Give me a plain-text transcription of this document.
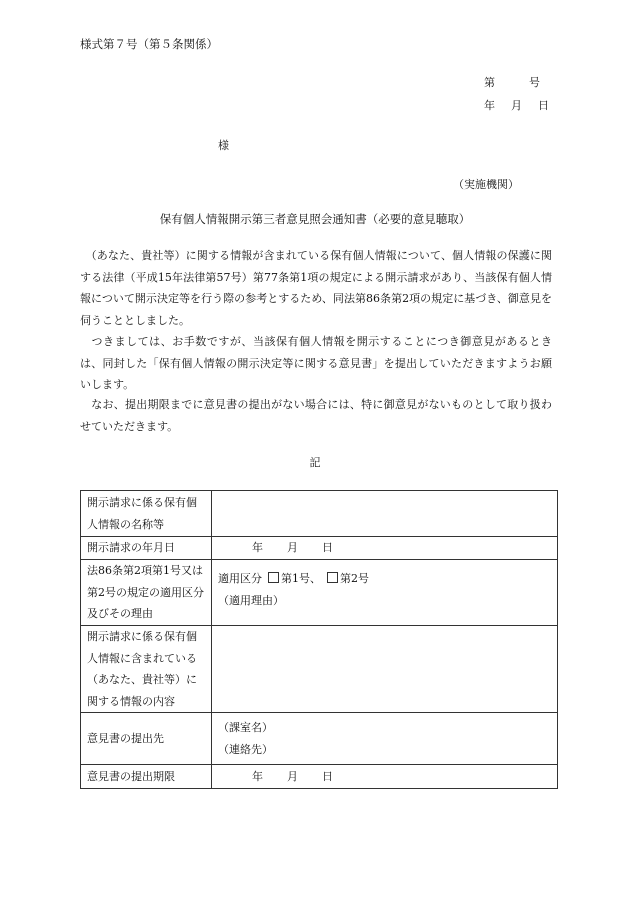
様式第７号（第５条関係）
第	号
年 月 日
様
（実施機関）
保有個人情報開示第三者意見照会通知書（必要的意見聴取）
　（あなた、貴社等）に関する情報が含まれている保有個人情報について、個人情報の保護に関する法律（平成15年法律第57号）第77条第1項の規定による開示請求があり、当該保有個人情報について開示決定等を行う際の参考とするため、同法第86条第2項の規定に基づき、御意見を伺うこととしました。
　つきましては、お手数ですが、当該保有個人情報を開示することにつき御意見があるときは、同封した「保有個人情報の開示決定等に関する意見書」を提出していただきますようお願いします。
　なお、提出期限までに意見書の提出がない場合には、特に御意見がないものとして取り扱わせていただきます。
記
開示請求に係る保有個人情報の名称等	
開示請求の年月日	年 月 日
法86条第2項第1号又は第2号の規定の適用区分及びその理由	適用区分 第1号、 第2号
（適用理由）

開示請求に係る保有個人情報に含まれている（あなた、貴社等）に関する情報の内容	
意見書の提出先	（課室名）
（連絡先）

意見書の提出期限	年 月 日
